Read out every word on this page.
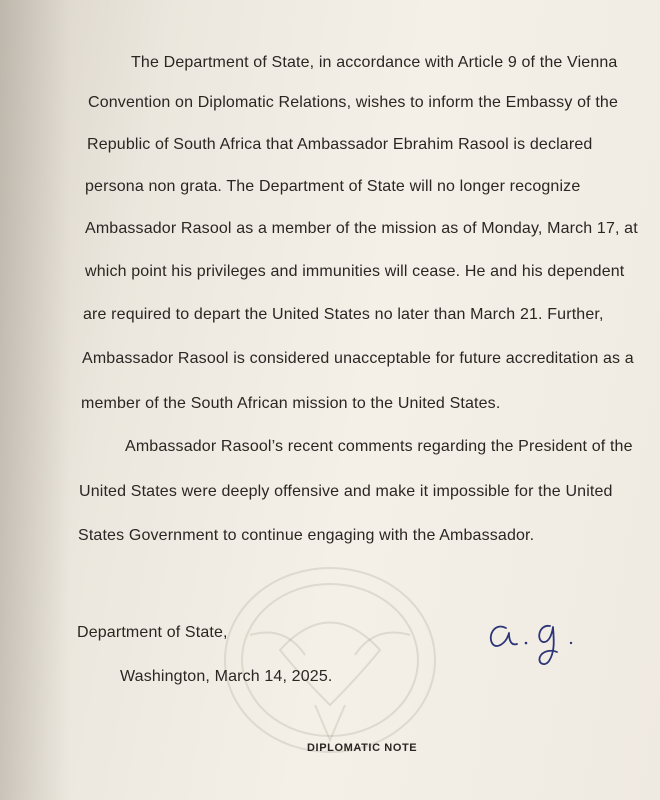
The Department of State, in accordance with Article 9 of the Vienna
Convention on Diplomatic Relations, wishes to inform the Embassy of the
Republic of South Africa that Ambassador Ebrahim Rasool is declared
persona non grata. The Department of State will no longer recognize
Ambassador Rasool as a member of the mission as of Monday, March 17, at
which point his privileges and immunities will cease. He and his dependent
are required to depart the United States no later than March 21. Further,
Ambassador Rasool is considered unacceptable for future accreditation as a
member of the South African mission to the United States.
Ambassador Rasool’s recent comments regarding the President of the
United States were deeply offensive and make it impossible for the United
States Government to continue engaging with the Ambassador.
Department of State,
Washington, March 14, 2025.
DIPLOMATIC NOTE
